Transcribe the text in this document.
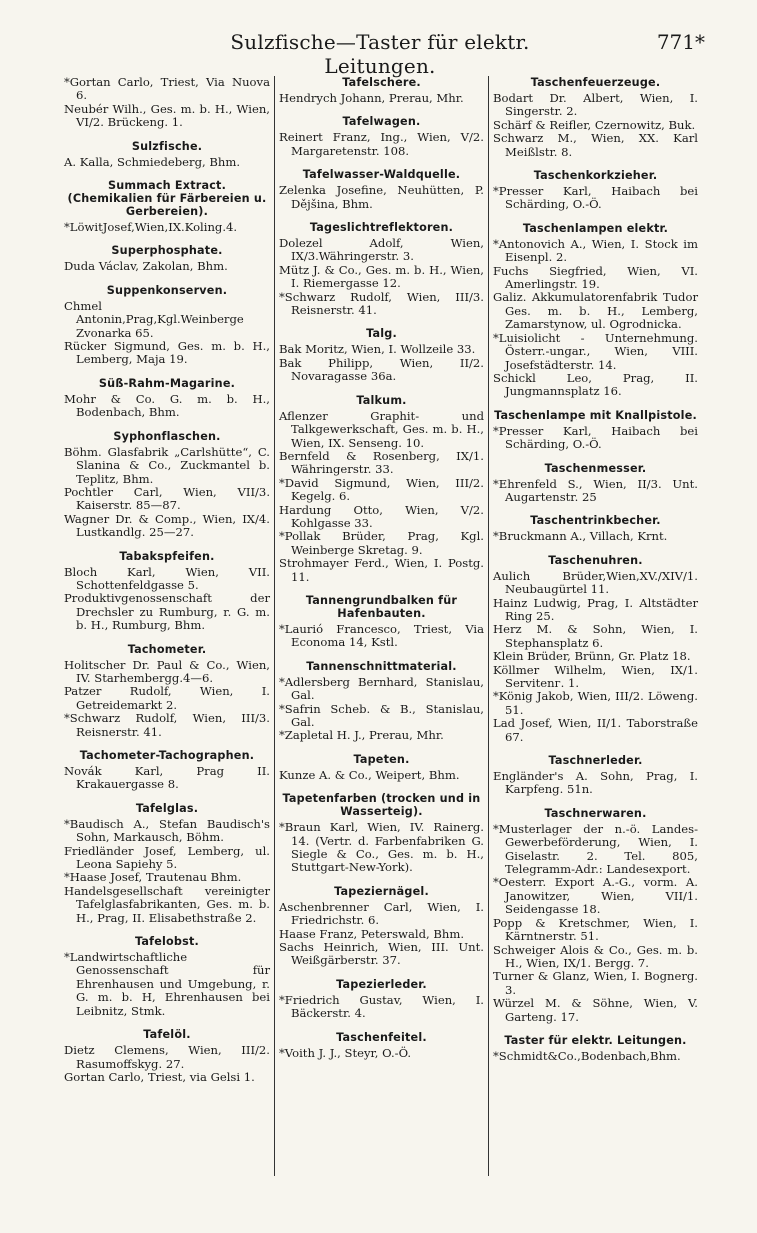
Sulzfische—Taster für elektr. Leitungen.
771*

*Gortan Carlo, Triest, Via Nuova 6.

Neubér Wilh., Ges. m. b. H., Wien, VI/2. Brückeng. 1.

Sulzfische.

A. Kalla, Schmiedeberg, Bhm.

Summach Extract. (Chemikalien für Färbereien u. Gerbereien).

*LöwitJosef,Wien,IX.Koling.4.

Superphosphate.

Duda Václav, Zakolan, Bhm.

Suppenkonserven.

Chmel Antonin,Prag,Kgl.Weinberge Zvonarka 65.

Rücker Sigmund, Ges. m. b. H., Lemberg, Maja 19.

Süß-Rahm-Magarine.

Mohr & Co. G. m. b. H., Bodenbach, Bhm.

Syphonflaschen.

Böhm. Glasfabrik „Carlshütte“, C. Slanina & Co., Zuckmantel b. Teplitz, Bhm.

Pochtler Carl, Wien, VII/3. Kaiserstr. 85—87.

Wagner Dr. & Comp., Wien, IX/4. Lustkandlg. 25—27.

Tabakspfeifen.

Bloch Karl, Wien, VII. Schottenfeldgasse 5.

Produktivgenossenschaft der Drechsler zu Rumburg, r. G. m. b. H., Rumburg, Bhm.

Tachometer.

Holitscher Dr. Paul & Co., Wien, IV. Starhembergg.4—6.

Patzer Rudolf, Wien, I. Getreidemarkt 2.

*Schwarz Rudolf, Wien, III/3. Reisnerstr. 41.

Tachometer-Tachographen.

Novák Karl, Prag II. Krakauergasse 8.

Tafelglas.

*Baudisch A., Stefan Baudisch's Sohn, Markausch, Böhm.

Friedländer Josef, Lemberg, ul. Leona Sapiehy 5.

*Haase Josef, Trautenau Bhm.

Handelsgesellschaft vereinigter Tafelglasfabrikanten, Ges. m. b. H., Prag, II. Elisabethstraße 2.

Tafelobst.

*Landwirtschaftliche Genossenschaft für Ehrenhausen und Umgebung, r. G. m. b. H, Ehrenhausen bei Leibnitz, Stmk.

Tafelöl.

Dietz Clemens, Wien, III/2. Rasumoffskyg. 27.

Gortan Carlo, Triest, via Gelsi 1.

Tafelschere.

Hendrych Johann, Prerau, Mhr.

Tafelwagen.

Reinert Franz, Ing., Wien, V/2. Margaretenstr. 108.

Tafelwasser-Waldquelle.

Zelenka Josefine, Neuhütten, P. Dějšina, Bhm.

Tageslichtreflektoren.

Dolezel Adolf, Wien, IX/3.Währingerstr. 3.

Mütz J. & Co., Ges. m. b. H., Wien, I. Riemergasse 12.

*Schwarz Rudolf, Wien, III/3. Reisnerstr. 41.

Talg.

Bak Moritz, Wien, I. Wollzeile 33.

Bak Philipp, Wien, II/2. Novaragasse 36a.

Talkum.

Aflenzer Graphit- und Talkgewerkschaft, Ges. m. b. H., Wien, IX. Senseng. 10.

Bernfeld & Rosenberg, IX/1. Währingerstr. 33.

*David Sigmund, Wien, III/2. Kegelg. 6.

Hardung Otto, Wien, V/2. Kohlgasse 33.

*Pollak Brüder, Prag, Kgl. Weinberge Skretag. 9.

Strohmayer Ferd., Wien, I. Postg. 11.

Tannengrundbalken für Hafenbauten.

*Laurió Francesco, Triest, Via Economa 14, Kstl.

Tannenschnittmaterial.

*Adlersberg Bernhard, Stanislau, Gal.

*Safrin Scheb. & B., Stanislau, Gal.

*Zapletal H. J., Prerau, Mhr.

Tapeten.

Kunze A. & Co., Weipert, Bhm.

Tapetenfarben (trocken und in Wasserteig).

*Braun Karl, Wien, IV. Rainerg. 14. (Vertr. d. Farbenfabriken G. Siegle & Co., Ges. m. b. H., Stuttgart-New-York).

Tapeziernägel.

Aschenbrenner Carl, Wien, I. Friedrichstr. 6.

Haase Franz, Peterswald, Bhm.

Sachs Heinrich, Wien, III. Unt. Weißgärberstr. 37.

Tapezierleder.

*Friedrich Gustav, Wien, I. Bäckerstr. 4.

Taschenfeitel.

*Voith J. J., Steyr, O.-Ö.

Taschenfeuerzeuge.

Bodart Dr. Albert, Wien, I. Singerstr. 2.

Schärf & Reifler, Czernowitz, Buk.

Schwarz M., Wien, XX. Karl Meißlstr. 8.

Taschenkorkzieher.

*Presser Karl, Haibach bei Schärding, O.-Ö.

Taschenlampen elektr.

*Antonovich A., Wien, I. Stock im Eisenpl. 2.

Fuchs Siegfried, Wien, VI. Amerlingstr. 19.

Galiz. Akkumulatorenfabrik Tudor Ges. m. b. H., Lemberg, Zamarstynow, ul. Ogrodnicka.

*Luisiolicht - Unternehmung. Österr.-ungar., Wien, VIII. Josefstädterstr. 14.

Schickl Leo, Prag, II. Jungmannsplatz 16.

Taschenlampe mit Knallpistole.

*Presser Karl, Haibach bei Schärding, O.-Ö.

Taschenmesser.

*Ehrenfeld S., Wien, II/3. Unt. Augartenstr. 25

Taschentrinkbecher.

*Bruckmann A., Villach, Krnt.

Taschenuhren.

Aulich Brüder,Wien,XV./XIV/1. Neubaugürtel 11.

Hainz Ludwig, Prag, I. Altstädter Ring 25.

Herz M. & Sohn, Wien, I. Stephansplatz 6.

Klein Brüder, Brünn, Gr. Platz 18.

Köllmer Wilhelm, Wien, IX/1. Servitenг. 1.

*König Jakob, Wien, III/2. Löweng. 51.

Lad Josef, Wien, II/1. Taborstraße 67.

Taschnerleder.

Engländer's A. Sohn, Prag, I. Karpfeng. 51n.

Taschnerwaren.

*Musterlager der n.-ö. Landes-Gewerbeförderung, Wien, I. Giselastr. 2. Tel. 805, Telegramm-Adr.: Landesexport.

*Oesterr. Export A.-G., vorm. A. Janowitzer, Wien, VII/1. Seidengasse 18.

Popp & Kretschmer, Wien, I. Kärntnerstr. 51.

Schweiger Alois & Co., Ges. m. b. H., Wien, IX/1. Bergg. 7.

Turner & Glanz, Wien, I. Bognerg. 3.

Würzel M. & Söhne, Wien, V. Garteng. 17.

Taster für elektr. Leitungen.

*Schmidt&Co.,Bodenbach,Bhm.
